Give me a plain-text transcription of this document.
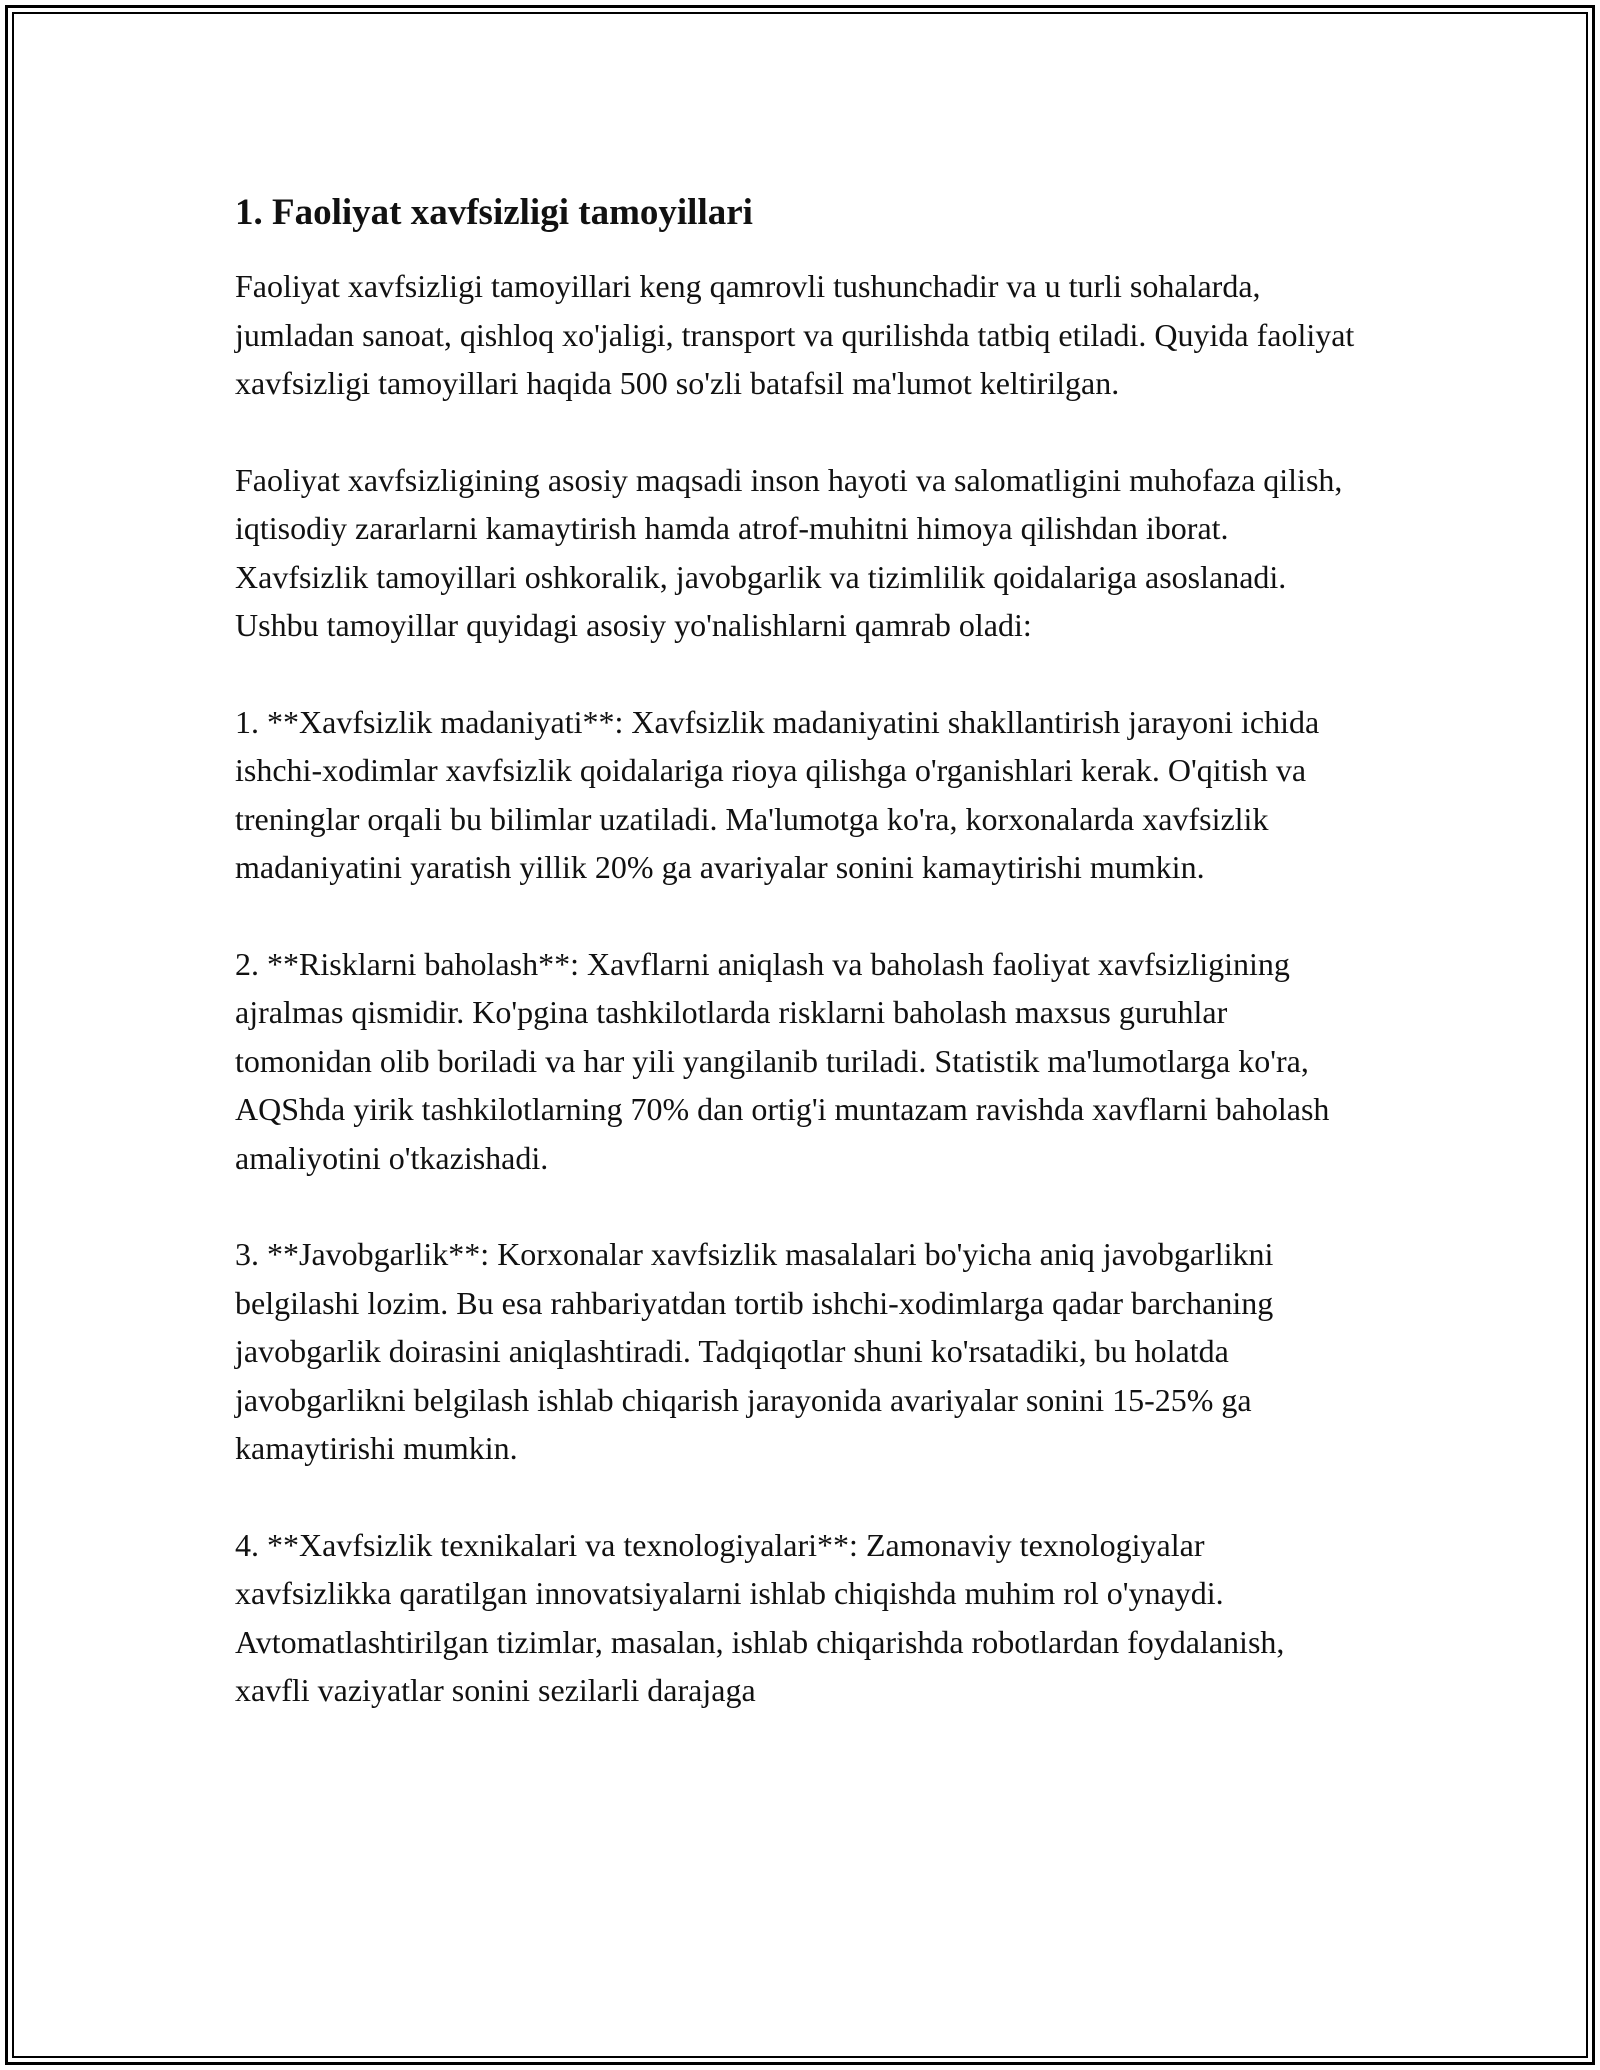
1. Faoliyat xavfsizligi tamoyillari

Faoliyat xavfsizligi tamoyillari keng qamrovli tushunchadir va u turli sohalarda, jumladan sanoat, qishloq xo'jaligi, transport va qurilishda tatbiq etiladi. Quyida faoliyat xavfsizligi tamoyillari haqida 500 so'zli batafsil ma'lumot keltirilgan.

Faoliyat xavfsizligining asosiy maqsadi inson hayoti va salomatligini muhofaza qilish, iqtisodiy zararlarni kamaytirish hamda atrof-muhitni himoya qilishdan iborat. Xavfsizlik tamoyillari oshkoralik, javobgarlik va tizimlilik qoidalariga asoslanadi. Ushbu tamoyillar quyidagi asosiy yo'nalishlarni qamrab oladi:

1. **Xavfsizlik madaniyati**: Xavfsizlik madaniyatini shakllantirish jarayoni ichida ishchi-xodimlar xavfsizlik qoidalariga rioya qilishga o'rganishlari kerak. O'qitish va treninglar orqali bu bilimlar uzatiladi. Ma'lumotga ko'ra, korxonalarda xavfsizlik madaniyatini yaratish yillik 20% ga avariyalar sonini kamaytirishi mumkin.

2. **Risklarni baholash**: Xavflarni aniqlash va baholash faoliyat xavfsizligining ajralmas qismidir. Ko'pgina tashkilotlarda risklarni baholash maxsus guruhlar tomonidan olib boriladi va har yili yangilanib turiladi. Statistik ma'lumotlarga ko'ra, AQShda yirik tashkilotlarning 70% dan ortig'i muntazam ravishda xavflarni baholash amaliyotini o'tkazishadi.

3. **Javobgarlik**: Korxonalar xavfsizlik masalalari bo'yicha aniq javobgarlikni belgilashi lozim. Bu esa rahbariyatdan tortib ishchi-xodimlarga qadar barchaning javobgarlik doirasini aniqlashtiradi. Tadqiqotlar shuni ko'rsatadiki, bu holatda javobgarlikni belgilash ishlab chiqarish jarayonida avariyalar sonini 15-25% ga kamaytirishi mumkin.

4. **Xavfsizlik texnikalari va texnologiyalari**: Zamonaviy texnologiyalar xavfsizlikka qaratilgan innovatsiyalarni ishlab chiqishda muhim rol o'ynaydi. Avtomatlashtirilgan tizimlar, masalan, ishlab chiqarishda robotlardan foydalanish, xavfli vaziyatlar sonini sezilarli darajaga
